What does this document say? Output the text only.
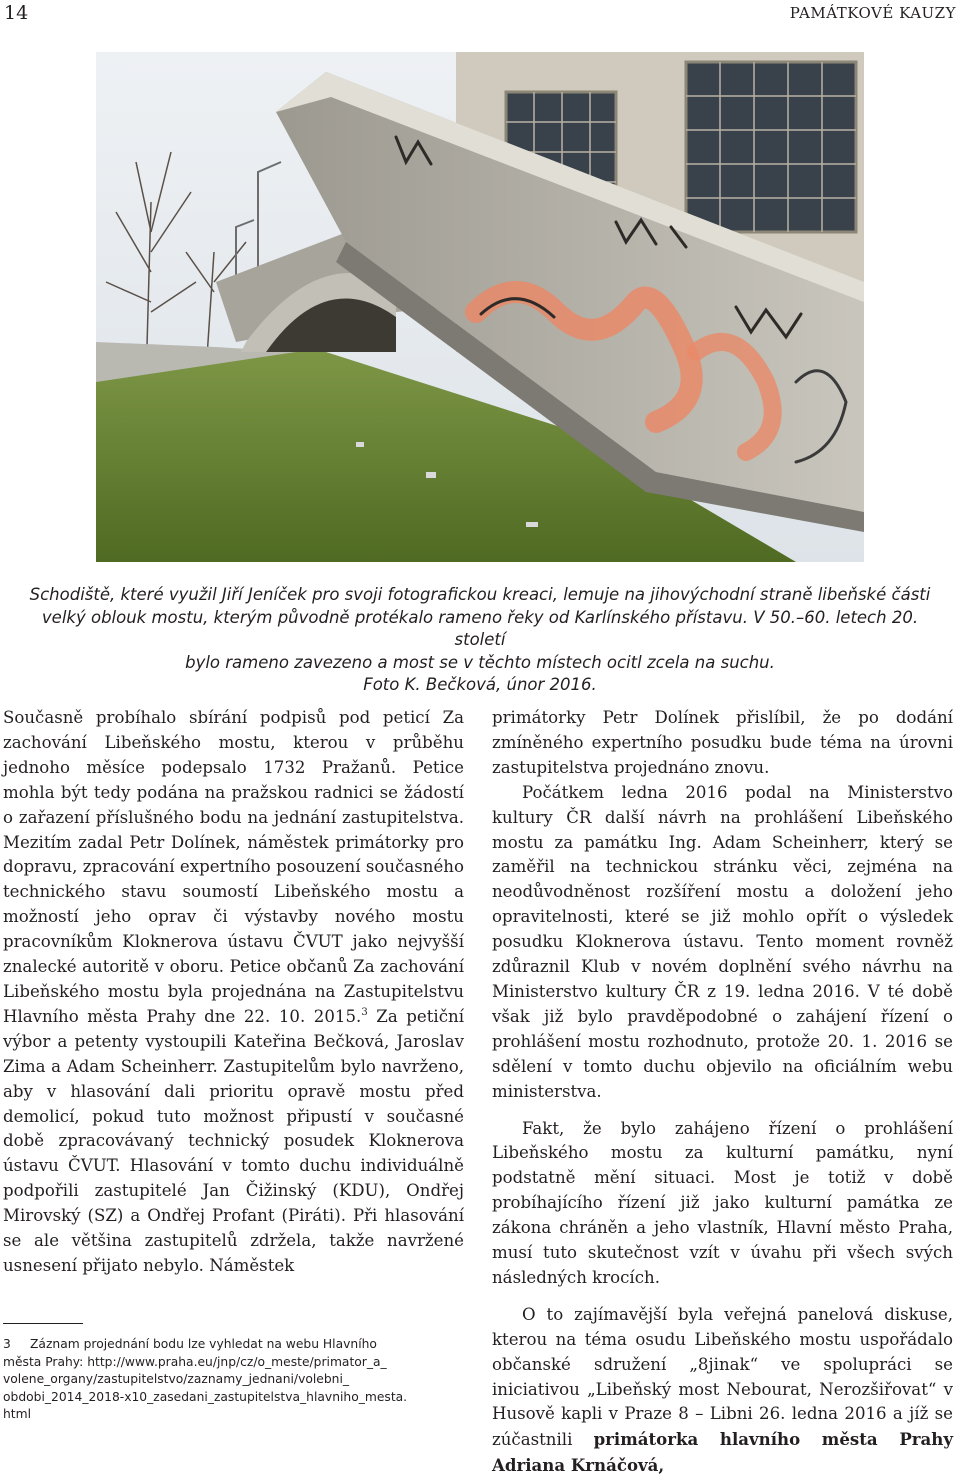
14	PAMÁTKOVÉ KAUZY
Schodiště, které využil Jiří Jeníček pro svoji fotografickou kreaci, lemuje na jihovýchodní straně libeňské části
velký oblouk mostu, kterým původně protékalo rameno řeky od Karlínského přístavu. V 50.–60. letech 20. století
bylo rameno zavezeno a most se v těchto místech ocitl zcela na suchu.
Foto K. Bečková, únor 2016.

Současně probíhalo sbírání podpisů pod peticí Za zachování Libeňského mostu, kterou v průběhu jednoho měsíce podepsalo 1732 Pražanů. Petice mohla být tedy podána na pražskou radnici se žádostí o zařazení příslušného bodu na jednání zastupitelstva. Mezitím zadal Petr Dolínek, náměstek primátorky pro dopravu, zpracování expertního posouzení současného technického stavu soumostí Libeňského mostu a možností jeho oprav či výstavby nového mostu pracovníkům Kloknerova ústavu ČVUT jako nejvyšší znalecké autoritě v oboru. Petice občanů Za zachování Libeňského mostu byla projednána na Zastupitelstvu Hlavního města Prahy dne 22. 10. 2015.$^3$ Za petiční výbor a petenty vystoupili Kateřina Bečková, Jaroslav Zima a Adam Scheinherr. Zastupitelům bylo navrženo, aby v hlasování dali prioritu opravě mostu před demolicí, pokud tuto možnost připustí v současné době zpracovávaný technický posudek Kloknerova ústavu ČVUT. Hlasování v tomto duchu individuálně podpořili zastupitelé Jan Čižinský (KDU), Ondřej Mirovský (SZ) a Ondřej Profant (Piráti). Při hlasování se ale většina zastupitelů zdržela, takže navržené usnesení přijato nebylo. Náměstek

primátorky Petr Dolínek přislíbil, že po dodání zmíněného expertního posudku bude téma na úrovni zastupitelstva projednáno znovu.

Počátkem ledna 2016 podal na Ministerstvo kultury ČR další návrh na prohlášení Libeňského mostu za památku Ing. Adam Scheinherr, který se zaměřil na technickou stránku věci, zejména na neodůvodněnost rozšíření mostu a doložení jeho opravitelnosti, které se již mohlo opřít o výsledek posudku Kloknerova ústavu. Tento moment rovněž zdůraznil Klub v novém doplnění svého návrhu na Ministerstvo kultury ČR z 19. ledna 2016. V té době však již bylo pravděpodobné o zahájení řízení o prohlášení mostu rozhodnuto, protože 20. 1. 2016 se sdělení v tomto duchu objevilo na oficiálním webu ministerstva.

Fakt, že bylo zahájeno řízení o prohlášení Libeňského mostu za kulturní památku, nyní podstatně mění situaci. Most je totiž v době probíhajícího řízení již jako kulturní památka ze zákona chráněn a jeho vlastník, Hlavní město Praha, musí tuto skutečnost vzít v úvahu při všech svých následných krocích.

O to zajímavější byla veřejná panelová diskuse, kterou na téma osudu Libeňského mostu uspořádalo občanské sdružení „8jinak“ ve spolupráci se iniciativou „Libeňský most Nebourat, Nerozšiřovat“ v Husově kapli v Praze 8 – Libni 26. ledna 2016 a jíž se zúčastnili primátorka hlavního města Prahy Adriana Krnáčová,

3 Záznam projednání bodu lze vyhledat na webu Hlavního
města Prahy: http://www.praha.eu/jnp/cz/o_meste/primator_a_
volene_organy/zastupitelstvo/zaznamy_jednani/volebni_
obdobi_2014_2018-x10_zasedani_zastupitelstva_hlavniho_mesta.
html
